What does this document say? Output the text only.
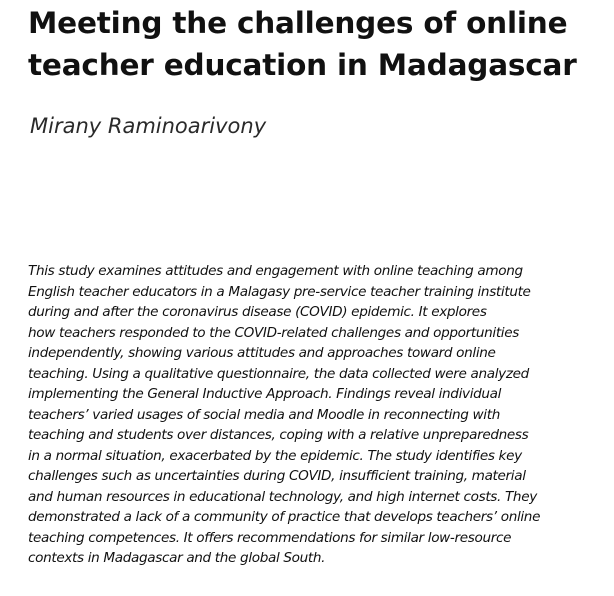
Meeting the challenges of online
teacher education in Madagascar

Mirany Raminoarivony

This study examines attitudes and engagement with online teaching among
English teacher educators in a Malagasy pre-service teacher training institute
during and after the coronavirus disease (COVID) epidemic. It explores
how teachers responded to the COVID-related challenges and opportunities
independently, showing various attitudes and approaches toward online
teaching. Using a qualitative questionnaire, the data collected were analyzed
implementing the General Inductive Approach. Findings reveal individual
teachers’ varied usages of social media and Moodle in reconnecting with
teaching and students over distances, coping with a relative unpreparedness
in a normal situation, exacerbated by the epidemic. The study identifies key
challenges such as uncertainties during COVID, insufficient training, material
and human resources in educational technology, and high internet costs. They
demonstrated a lack of a community of practice that develops teachers’ online
teaching competences. It offers recommendations for similar low-resource
contexts in Madagascar and the global South.
